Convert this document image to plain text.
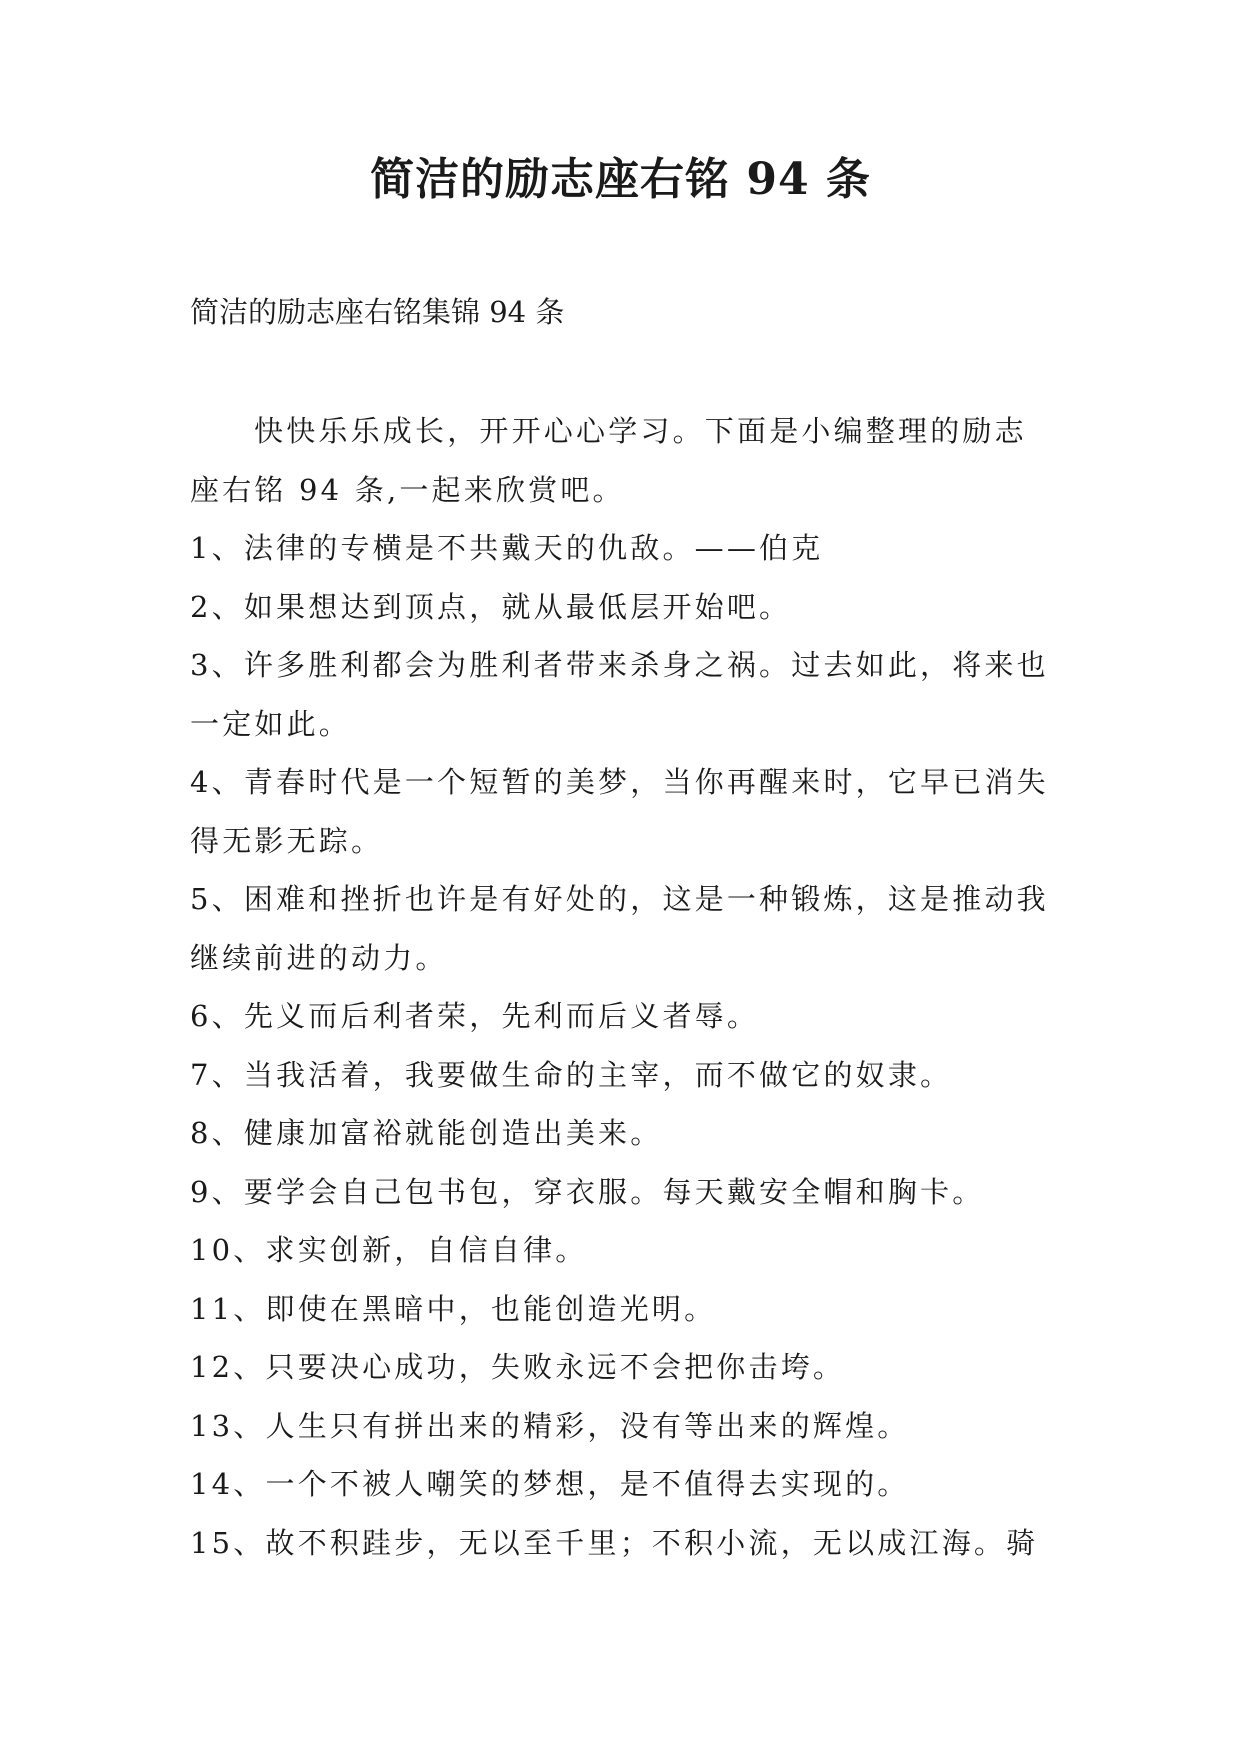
简洁的励志座右铭 94 条

简洁的励志座右铭集锦 94 条

快快乐乐成长，开开心心学习。下面是小编整理的励志座右铭 94 条,一起来欣赏吧。

1、法律的专横是不共戴天的仇敌。——伯克

2、如果想达到顶点，就从最低层开始吧。

3、许多胜利都会为胜利者带来杀身之祸。过去如此，将来也一定如此。

4、青春时代是一个短暂的美梦，当你再醒来时，它早已消失得无影无踪。

5、困难和挫折也许是有好处的，这是一种锻炼，这是推动我继续前进的动力。

6、先义而后利者荣，先利而后义者辱。

7、当我活着，我要做生命的主宰，而不做它的奴隶。

8、健康加富裕就能创造出美来。

9、要学会自己包书包，穿衣服。每天戴安全帽和胸卡。

10、求实创新，自信自律。

11、即使在黑暗中，也能创造光明。

12、只要决心成功，失败永远不会把你击垮。

13、人生只有拼出来的精彩，没有等出来的辉煌。

14、一个不被人嘲笑的梦想，是不值得去实现的。

15、故不积跬步，无以至千里；不积小流，无以成江海。骑
